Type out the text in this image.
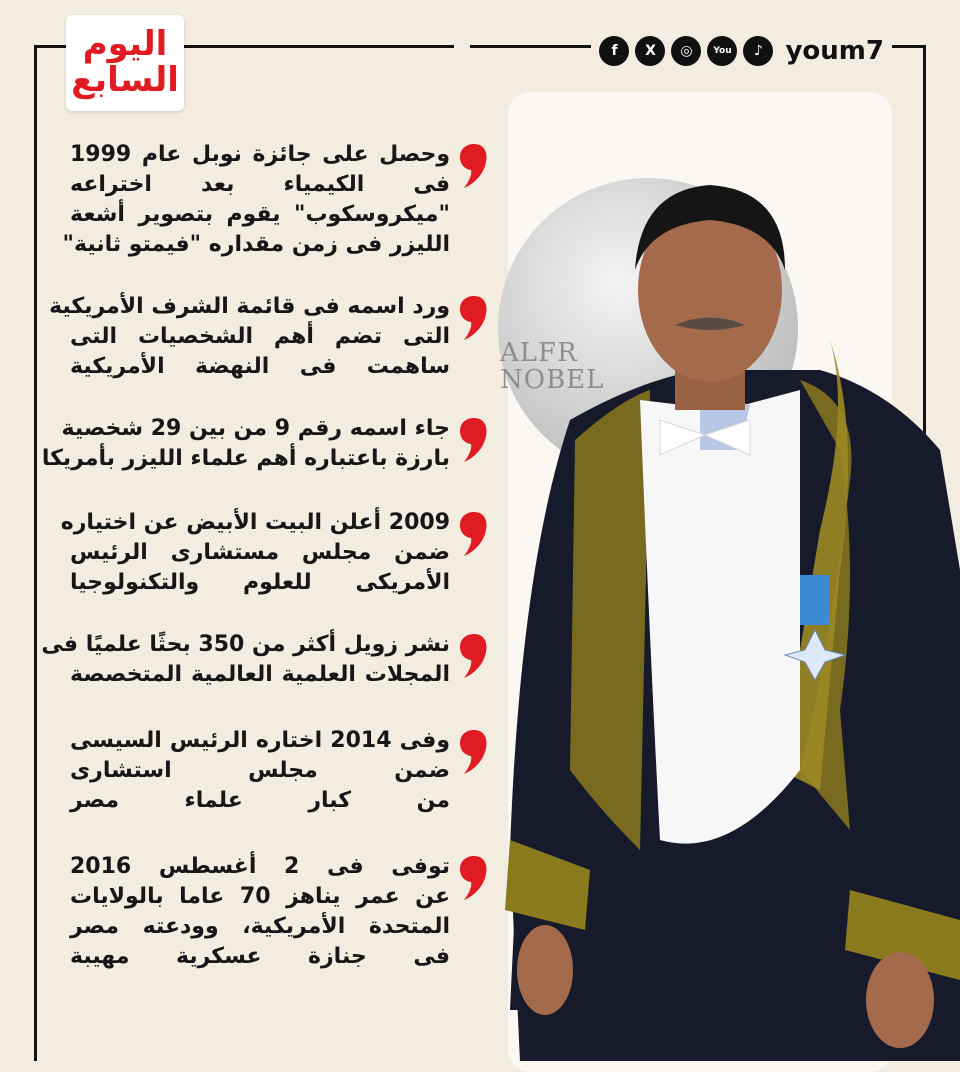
اليوم
السابع
f	X	◎	You	♪ youm7
ALFR
NOBEL
وحصل على جائزة نوبل عام 1999
فى الكيمياء بعد اختراعه
"ميكروسكوب" يقوم بتصوير أشعة
الليزر فى زمن مقداره "فيمتو ثانية"
ورد اسمه فى قائمة الشرف الأمريكية
التى تضم أهم الشخصيات التى
ساهمت فى النهضة الأمريكية
جاء اسمه رقم 9 من بين 29 شخصية
بارزة باعتباره أهم علماء الليزر بأمريكا
2009 أعلن البيت الأبيض عن اختياره
ضمن مجلس مستشارى الرئيس
الأمريكى للعلوم والتكنولوجيا
نشر زويل أكثر من 350 بحثًا علميًا فى
المجلات العلمية العالمية المتخصصة
وفى 2014 اختاره الرئيس السيسى
ضمن مجلس استشارى
من كبار علماء مصر
توفى فى 2 أغسطس 2016
عن عمر يناهز 70 عاما بالولايات
المتحدة الأمريكية، وودعته مصر
فى جنازة عسكرية مهيبة
